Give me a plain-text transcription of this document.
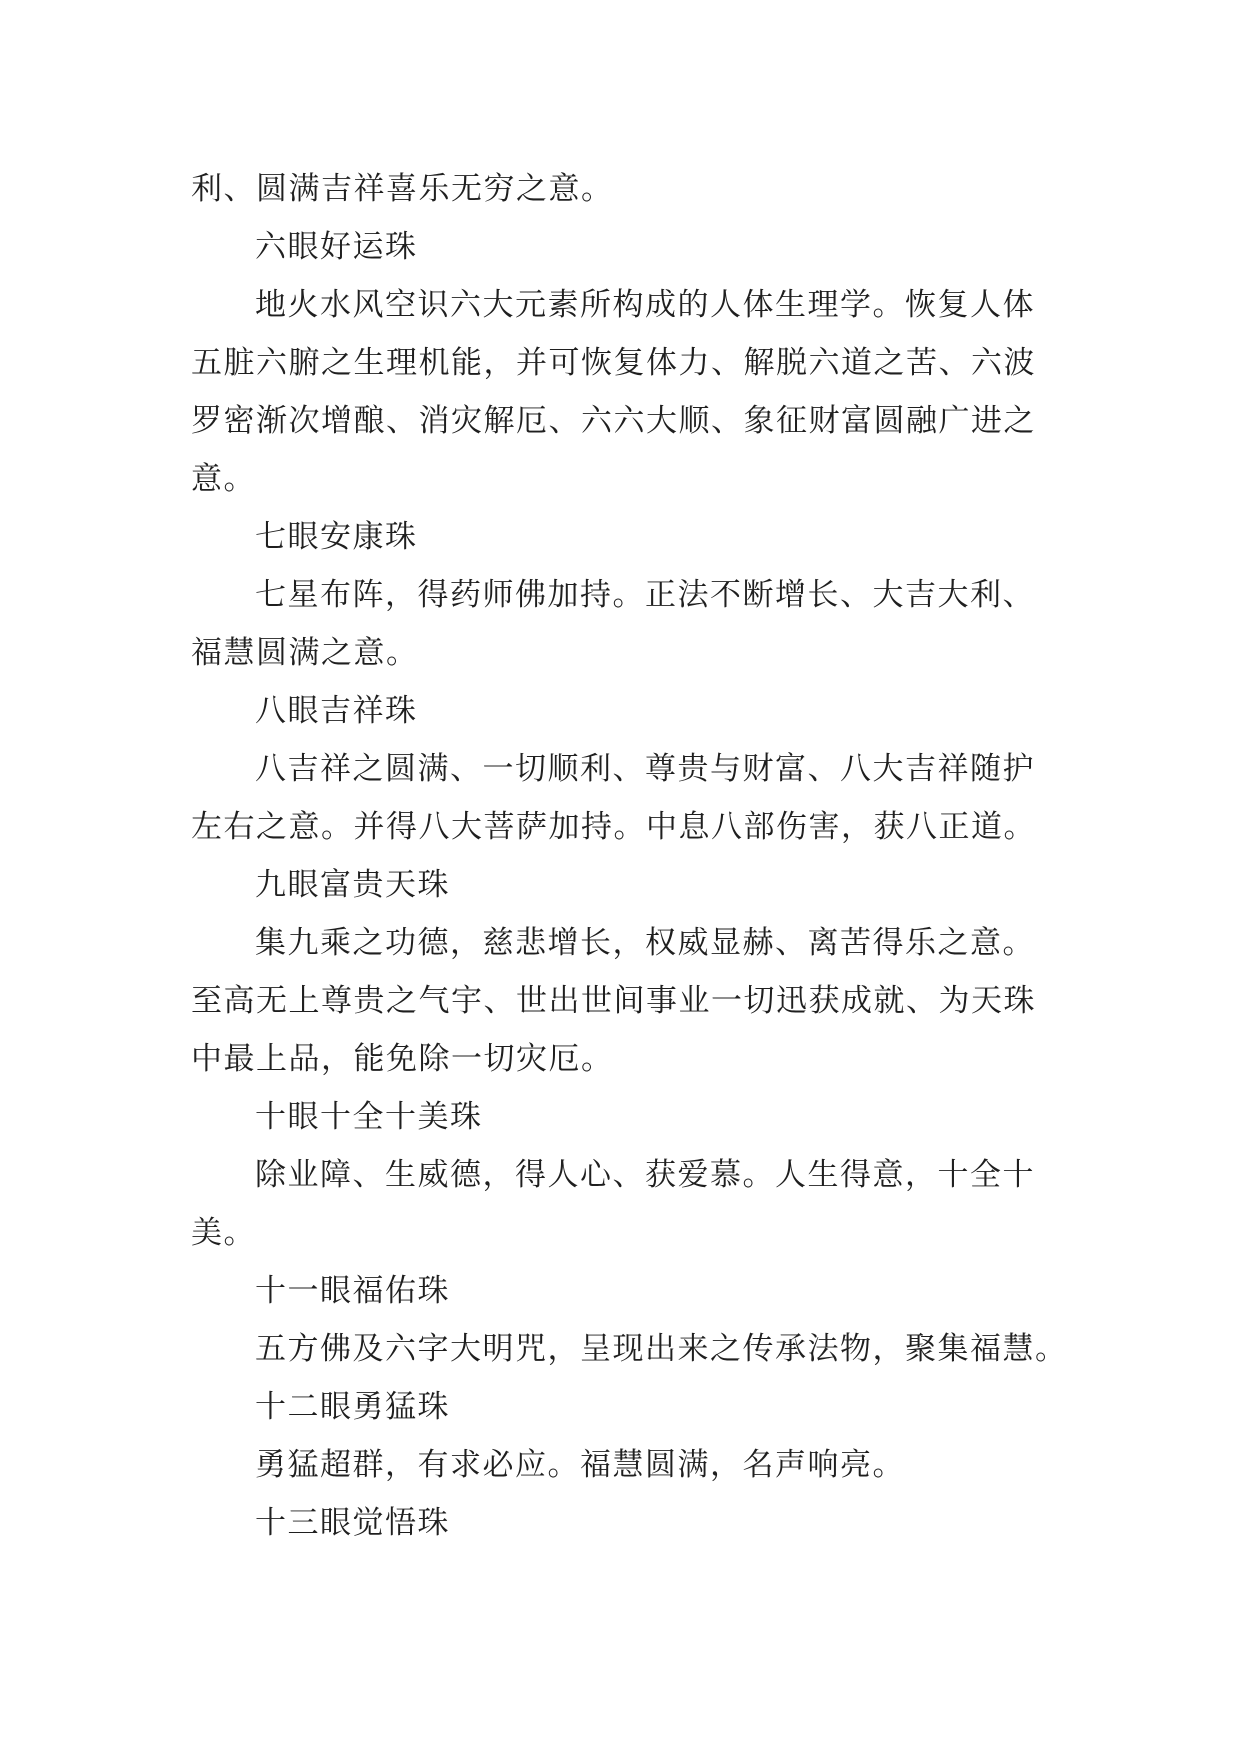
利、圆满吉祥喜乐无穷之意。
六眼好运珠
地火水风空识六大元素所构成的人体生理学。恢复人体
五脏六腑之生理机能，并可恢复体力、解脱六道之苦、六波
罗密渐次增酿、消灾解厄、六六大顺、象征财富圆融广进之
意。
七眼安康珠
七星布阵，得药师佛加持。正法不断增长、大吉大利、
福慧圆满之意。
八眼吉祥珠
八吉祥之圆满、一切顺利、尊贵与财富、八大吉祥随护
左右之意。并得八大菩萨加持。中息八部伤害，获八正道。
九眼富贵天珠
集九乘之功德，慈悲增长，权威显赫、离苦得乐之意。
至高无上尊贵之气宇、世出世间事业一切迅获成就、为天珠
中最上品，能免除一切灾厄。
十眼十全十美珠
除业障、生威德，得人心、获爱慕。人生得意，十全十
美。
十一眼福佑珠
五方佛及六字大明咒，呈现出来之传承法物，聚集福慧。
十二眼勇猛珠
勇猛超群，有求必应。福慧圆满，名声响亮。
十三眼觉悟珠
